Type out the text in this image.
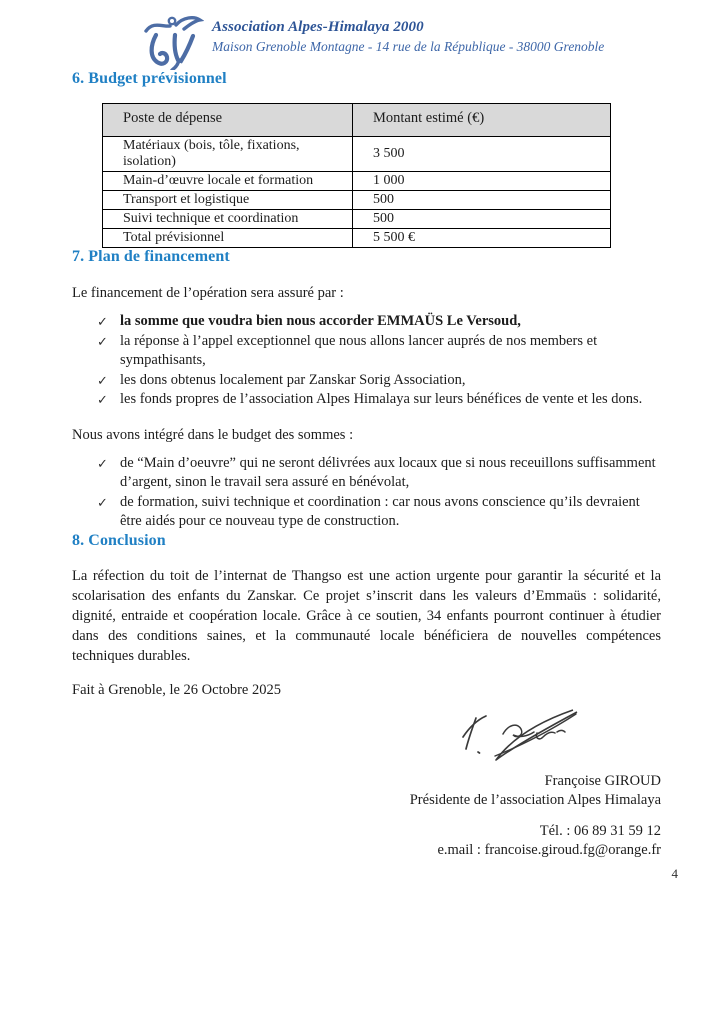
Association Alpes-Himalaya 2000
Maison Grenoble Montagne - 14 rue de la République - 38000 Grenoble
6. Budget prévisionnel
Poste de dépense	Montant estimé (€)
Matériaux (bois, tôle, fixations, isolation)	3 500
Main-d’œuvre locale et formation	1 000
Transport et logistique	500
Suivi technique et coordination	500
Total prévisionnel	5 500 €
7. Plan de financement

Le financement de l’opération sera assuré par :

✓ la somme que voudra bien nous accorder EMMAÜS Le Versoud,
✓ la réponse à l’appel exceptionnel que nous allons lancer auprés de nos members et sympathisants,
✓ les dons obtenus localement par Zanskar Sorig Association,
✓ les fonds propres de l’association Alpes Himalaya sur leurs bénéfices de vente et les dons.

Nous avons intégré dans le budget des sommes :

✓ de “Main d’oeuvre” qui ne seront délivrées aux locaux que si nous receuillons suffisamment d’argent, sinon le travail sera assuré en bénévolat,
✓ de formation, suivi technique et coordination : car nous avons conscience qu’ils devraient être aidés pour ce nouveau type de construction.
8. Conclusion

La réfection du toit de l’internat de Thangso est une action urgente pour garantir la sécurité et la scolarisation des enfants du Zanskar. Ce projet s’inscrit dans les valeurs d’Emmaüs : solidarité, dignité, entraide et coopération locale. Grâce à ce soutien, 34 enfants pourront continuer à étudier dans des conditions saines, et la communauté locale bénéficiera de nouvelles compétences techniques durables.

Fait à Grenoble, le 26 Octobre 2025

Françoise GIROUD
Présidente de l’association Alpes Himalaya
Tél. : 06 89 31 59 12
e.mail : francoise.giroud.fg@orange.fr
4
